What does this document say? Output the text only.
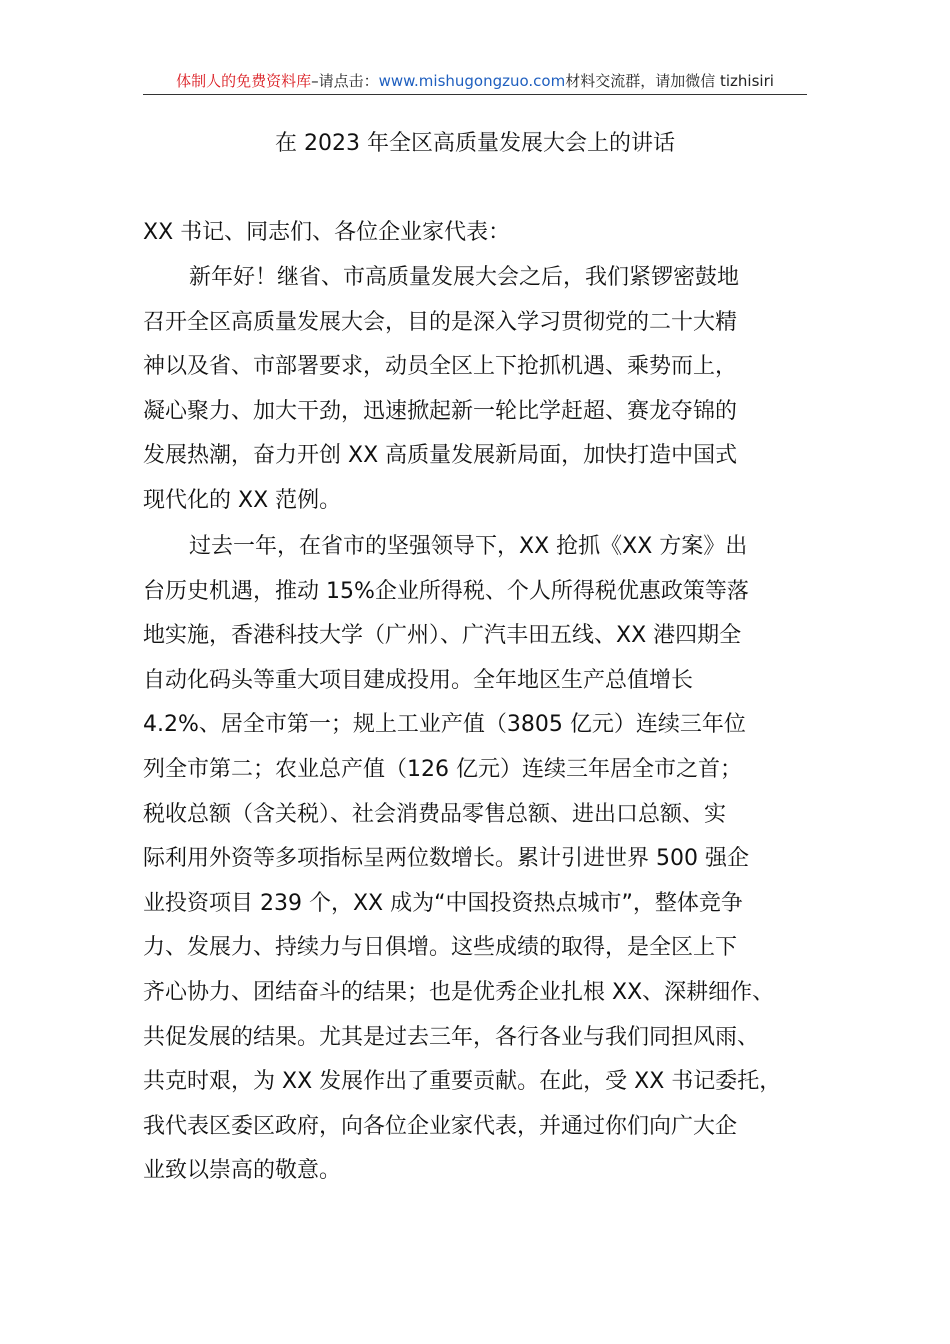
体制人的免费资料库–请点击：www.mishugongzuo.com材料交流群，请加微信 tizhisiri
在 2023 年全区高质量发展大会上的讲话
XX 书记、同志们、各位企业家代表：
新年好！继省、市高质量发展大会之后，我们紧锣密鼓地
召开全区高质量发展大会，目的是深入学习贯彻党的二十大精
神以及省、市部署要求，动员全区上下抢抓机遇、乘势而上，
凝心聚力、加大干劲，迅速掀起新一轮比学赶超、赛龙夺锦的
发展热潮，奋力开创 XX 高质量发展新局面，加快打造中国式
现代化的 XX 范例。
过去一年，在省市的坚强领导下，XX 抢抓《XX 方案》出
台历史机遇，推动 15%企业所得税、个人所得税优惠政策等落
地实施，香港科技大学（广州）、广汽丰田五线、XX 港四期全
自动化码头等重大项目建成投用。全年地区生产总值增长
4.2%、居全市第一；规上工业产值（3805 亿元）连续三年位
列全市第二；农业总产值（126 亿元）连续三年居全市之首；
税收总额（含关税）、社会消费品零售总额、进出口总额、实
际利用外资等多项指标呈两位数增长。累计引进世界 500 强企
业投资项目 239 个，XX 成为“中国投资热点城市”，整体竞争
力、发展力、持续力与日俱增。这些成绩的取得，是全区上下
齐心协力、团结奋斗的结果；也是优秀企业扎根 XX、深耕细作、
共促发展的结果。尤其是过去三年，各行各业与我们同担风雨、
共克时艰，为 XX 发展作出了重要贡献。在此，受 XX 书记委托，
我代表区委区政府，向各位企业家代表，并通过你们向广大企
业致以崇高的敬意。
